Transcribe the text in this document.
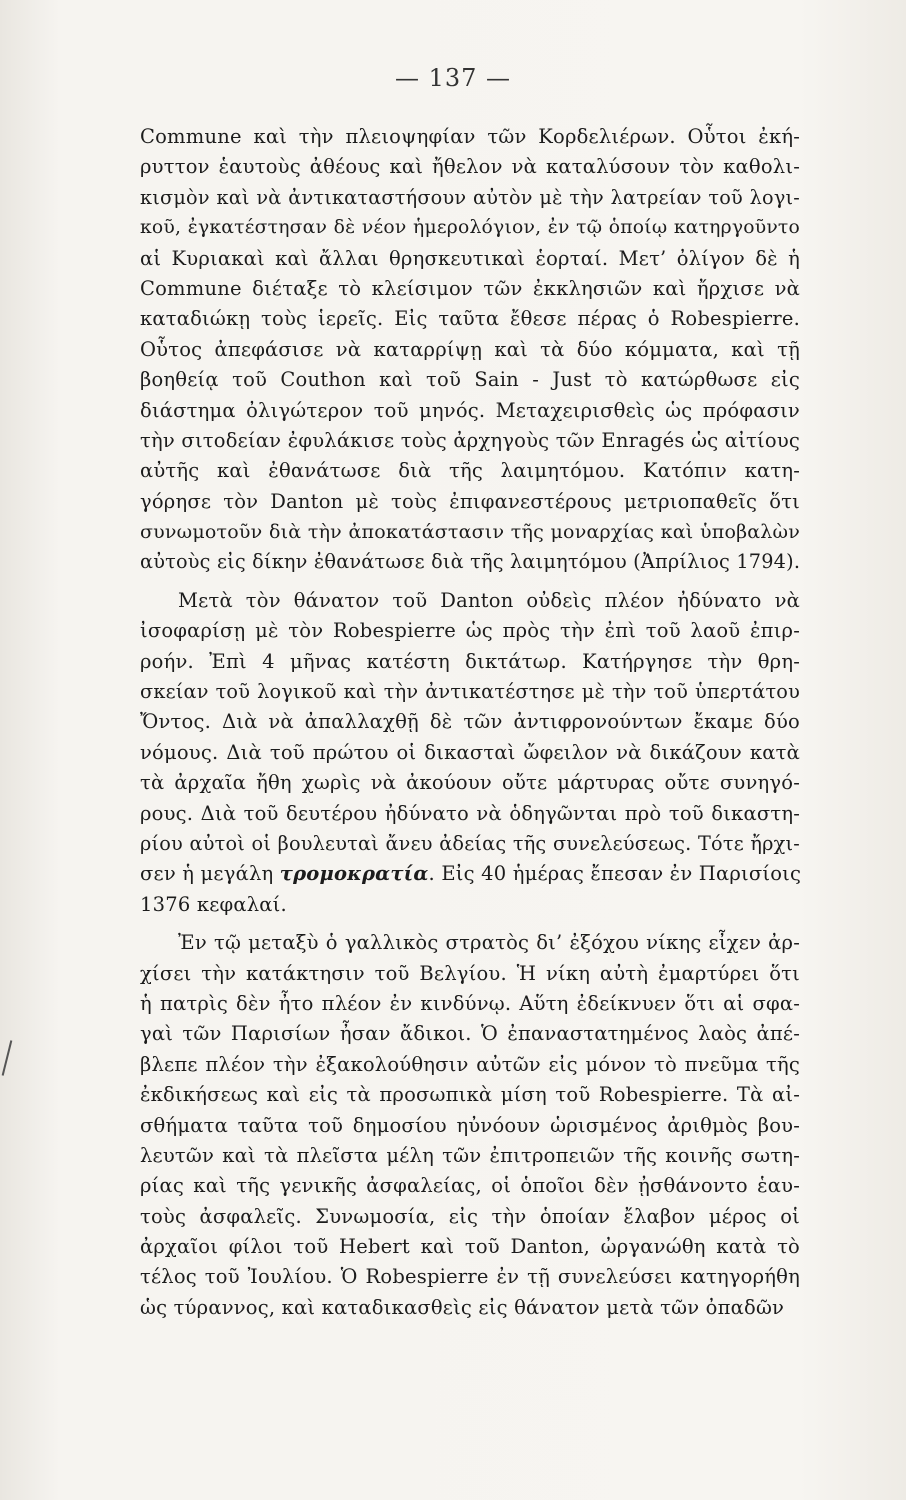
— 137 —
Commune καὶ τὴν πλειοψηφίαν τῶν Κορδελιέρων. Οὗτοι ἐκή-
ρυττον ἑαυτοὺς ἀθέους καὶ ἤθελον νὰ καταλύσουν τὸν καθολι-
κισμὸν καὶ νὰ ἀντικαταστήσουν αὐτὸν μὲ τὴν λατρείαν τοῦ λογι-
κοῦ, ἐγκατέστησαν δὲ νέον ἡμερολόγιον, ἐν τῷ ὁποίῳ κατηργοῦντο
αἱ Κυριακαὶ καὶ ἄλλαι θρησκευτικαὶ ἑορταί. Μετ’ ὀλίγον δὲ ἡ
Commune διέταξε τὸ κλείσιμον τῶν ἐκκλησιῶν καὶ ἤρχισε νὰ
καταδιώκῃ τοὺς ἱερεῖς. Εἰς ταῦτα ἔθεσε πέρας ὁ Robespierre.
Οὗτος ἀπεφάσισε νὰ καταρρίψῃ καὶ τὰ δύο κόμματα, καὶ τῇ
βοηθείᾳ τοῦ Couthon καὶ τοῦ Sain - Just τὸ κατώρθωσε εἰς
διάστημα ὀλιγώτερον τοῦ μηνός. Μεταχειρισθεὶς ὡς πρόφασιν
τὴν σιτοδείαν ἐφυλάκισε τοὺς ἀρχηγοὺς τῶν Enragés ὡς αἰτίους
αὐτῆς καὶ ἐθανάτωσε διὰ τῆς λαιμητόμου. Κατόπιν κατη-
γόρησε τὸν Danton μὲ τοὺς ἐπιφανεστέρους μετριοπαθεῖς ὅτι
συνωμοτοῦν διὰ τὴν ἀποκατάστασιν τῆς μοναρχίας καὶ ὑποβαλὼν
αὐτοὺς εἰς δίκην ἐθανάτωσε διὰ τῆς λαιμητόμου (Ἀπρίλιος 1794).
Μετὰ τὸν θάνατον τοῦ Danton οὐδεὶς πλέον ἠδύνατο νὰ
ἰσοφαρίσῃ μὲ τὸν Robespierre ὡς πρὸς τὴν ἐπὶ τοῦ λαοῦ ἐπιρ-
ροήν. Ἐπὶ 4 μῆνας κατέστη δικτάτωρ. Κατήργησε τὴν θρη-
σκείαν τοῦ λογικοῦ καὶ τὴν ἀντικατέστησε μὲ τὴν τοῦ ὑπερτάτου
Ὄντος. Διὰ νὰ ἀπαλλαχθῇ δὲ τῶν ἀντιφρονούντων ἔκαμε δύο
νόμους. Διὰ τοῦ πρώτου οἱ δικασταὶ ὤφειλον νὰ δικάζουν κατὰ
τὰ ἀρχαῖα ἤθη χωρὶς νὰ ἀκούουν οὔτε μάρτυρας οὔτε συνηγό-
ρους. Διὰ τοῦ δευτέρου ἠδύνατο νὰ ὁδηγῶνται πρὸ τοῦ δικαστη-
ρίου αὐτοὶ οἱ βουλευταὶ ἄνευ ἀδείας τῆς συνελεύσεως. Τότε ἤρχι-
σεν ἡ μεγάλη τρομοκρατία. Εἰς 40 ἡμέρας ἔπεσαν ἐν Παρισίοις
1376 κεφαλαί.
Ἐν τῷ μεταξὺ ὁ γαλλικὸς στρατὸς δι’ ἐξόχου νίκης εἶχεν ἀρ-
χίσει τὴν κατάκτησιν τοῦ Βελγίου. Ἡ νίκη αὐτὴ ἐμαρτύρει ὅτι
ἡ πατρὶς δὲν ἦτο πλέον ἐν κινδύνῳ. Αὕτη ἐδείκνυεν ὅτι αἱ σφα-
γαὶ τῶν Παρισίων ἦσαν ἄδικοι. Ὁ ἐπαναστατημένος λαὸς ἀπέ-
βλεπε πλέον τὴν ἐξακολούθησιν αὐτῶν εἰς μόνον τὸ πνεῦμα τῆς
ἐκδικήσεως καὶ εἰς τὰ προσωπικὰ μίση τοῦ Robespierre. Τὰ αἰ-
σθήματα ταῦτα τοῦ δημοσίου ηὐνόουν ὡρισμένος ἀριθμὸς βου-
λευτῶν καὶ τὰ πλεῖστα μέλη τῶν ἐπιτροπειῶν τῆς κοινῆς σωτη-
ρίας καὶ τῆς γενικῆς ἀσφαλείας, οἱ ὁποῖοι δὲν ᾐσθάνοντο ἑαυ-
τοὺς ἀσφαλεῖς. Συνωμοσία, εἰς τὴν ὁποίαν ἔλαβον μέρος οἱ
ἀρχαῖοι φίλοι τοῦ Hebert καὶ τοῦ Danton, ὠργανώθη κατὰ τὸ
τέλος τοῦ Ἰουλίου. Ὁ Robespierre ἐν τῇ συνελεύσει κατηγορήθη
ὡς τύραννος, καὶ καταδικασθεὶς εἰς θάνατον μετὰ τῶν ὀπαδῶν
